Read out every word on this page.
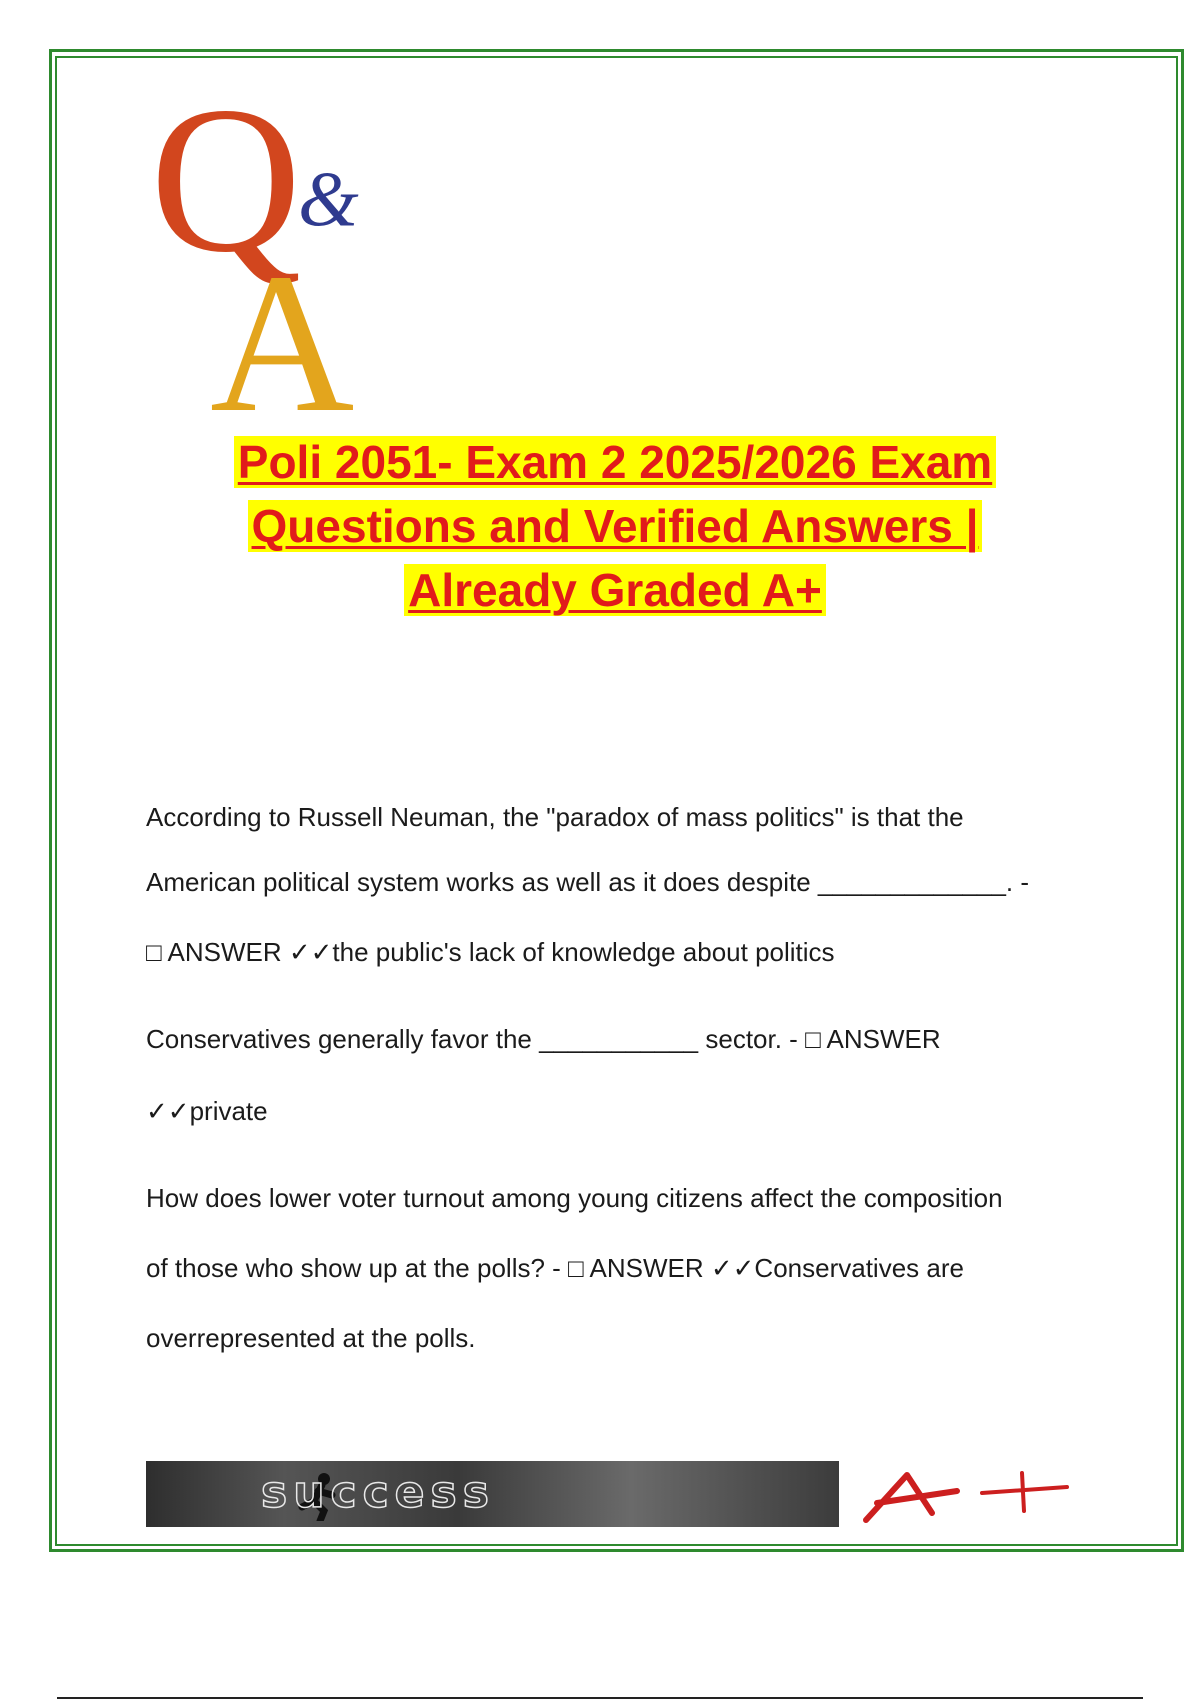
Q
&
A
Poli 2051- Exam 2 2025/2026 Exam
Questions and Verified Answers |
Already Graded A+
According to Russell Neuman, the "paradox of mass politics" is that the
American political system works as well as it does despite _____________. -
□ ANSWER ✓✓the public's lack of knowledge about politics
Conservatives generally favor the ___________ sector. - □ ANSWER
✓✓private
How does lower voter turnout among young citizens affect the composition
of those who show up at the polls? - □ ANSWER ✓✓Conservatives are
overrepresented at the polls.
success
